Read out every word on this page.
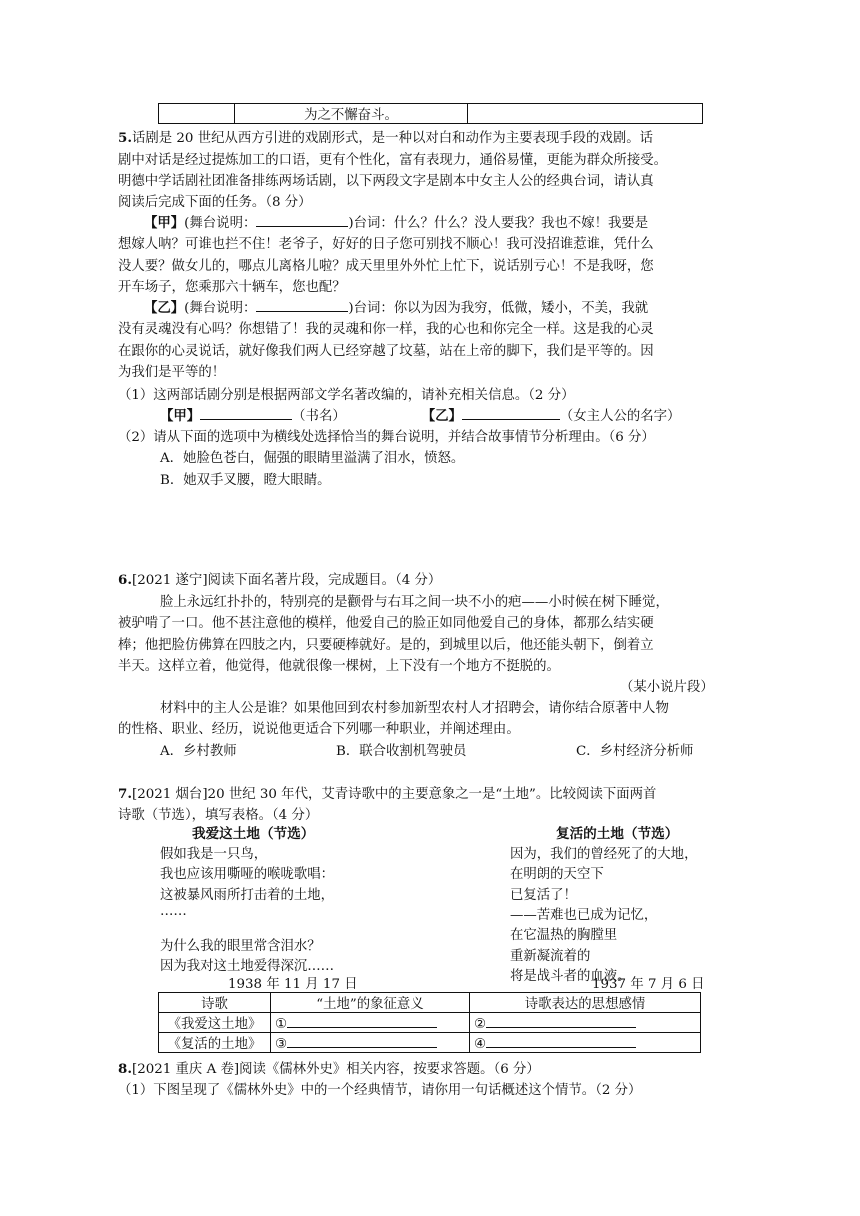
	为之不懈奋斗。	
5.话剧是 20 世纪从西方引进的戏剧形式，是一种以对白和动作为主要表现手段的戏剧。话
剧中对话是经过提炼加工的口语，更有个性化，富有表现力，通俗易懂，更能为群众所接受。
明德中学话剧社团准备排练两场话剧，以下两段文字是剧本中女主人公的经典台词，请认真
阅读后完成下面的任务。（8 分）
【甲】(舞台说明：	)台词：什么？什么？没人要我？我也不嫁！我要是
想嫁人呐？可谁也拦不住！老爷子，好好的日子您可别找不顺心！我可没招谁惹谁，凭什么
没人要？做女儿的，哪点儿离格儿啦？成天里里外外忙上忙下，说话别亏心！不是我呀，您
开车场子，您乘那六十辆车，您也配？
【乙】(舞台说明：	)台词：你以为因为我穷，低微，矮小，不美，我就
没有灵魂没有心吗？你想错了！我的灵魂和你一样，我的心也和你完全一样。这是我的心灵
在跟你的心灵说话，就好像我们两人已经穿越了坟墓，站在上帝的脚下，我们是平等的。因
为我们是平等的！
（1）这两部话剧分别是根据两部文学名著改编的，请补充相关信息。（2 分）
【甲】	（书名）	【乙】	（女主人公的名字）
（2）请从下面的选项中为横线处选择恰当的舞台说明，并结合故事情节分析理由。（6 分）
A．她脸色苍白，倔强的眼睛里溢满了泪水，愤怒。
B．她双手叉腰，瞪大眼睛。
6.[2021 遂宁]阅读下面名著片段，完成题目。（4 分）
脸上永远红扑扑的，特别亮的是颧骨与右耳之间一块不小的疤——小时候在树下睡觉，
被驴啃了一口。他不甚注意他的模样，他爱自己的脸正如同他爱自己的身体，都那么结实硬
棒；他把脸仿佛算在四肢之内，只要硬棒就好。是的，到城里以后，他还能头朝下，倒着立
半天。这样立着，他觉得，他就很像一棵树，上下没有一个地方不挺脱的。
（某小说片段）
材料中的主人公是谁？如果他回到农村参加新型农村人才招聘会，请你结合原著中人物
的性格、职业、经历，说说他更适合下列哪一种职业，并阐述理由。
A．乡村教师	B．联合收割机驾驶员	C．乡村经济分析师
7.[2021 烟台]20 世纪 30 年代，艾青诗歌中的主要意象之一是“土地”。比较阅读下面两首
诗歌（节选），填写表格。（4 分）
我爱这土地（节选）
假如我是一只鸟，
我也应该用嘶哑的喉咙歌唱：
这被暴风雨所打击着的土地，
……
为什么我的眼里常含泪水？
因为我对这土地爱得深沉……
1938 年 11 月 17 日
复活的土地（节选）
因为，我们的曾经死了的大地，
在明朗的天空下
已复活了！
——苦难也已成为记忆，
在它温热的胸膛里
重新凝流着的
将是战斗者的血液。
1937 年 7 月 6 日
诗歌	“土地”的象征意义	诗歌表达的思想感情
《我爱这土地》	①	②
《复活的土地》	③	④
8.[2021 重庆 A 卷]阅读《儒林外史》相关内容，按要求答题。（6 分）
（1）下图呈现了《儒林外史》中的一个经典情节，请你用一句话概述这个情节。（2 分）
